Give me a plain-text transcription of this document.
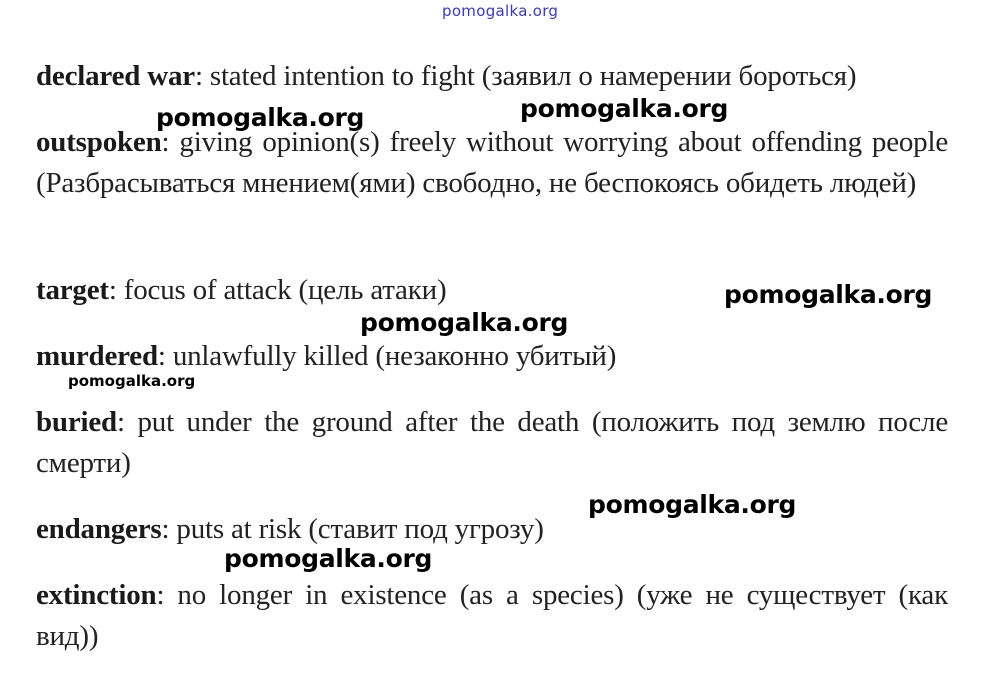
pomogalka.org
declared war: stated intention to fight (заявил о намерении бороться)
outspoken: giving opinion(s) freely without worrying about offending people (Разбрасываться мнением(ями) свободно, не беспокоясь обидеть людей)
target: focus of attack (цель атаки)
murdered: unlawfully killed (незаконно убитый)
buried: put under the ground after the death (положить под землю после смерти)
endangers: puts at risk (ставит под угрозу)
extinction: no longer in existence (as a species) (уже не существует (как вид))
pomogalka.org	pomogalka.org
pomogalka.org
pomogalka.org
pomogalka.org
pomogalka.org
pomogalka.org
